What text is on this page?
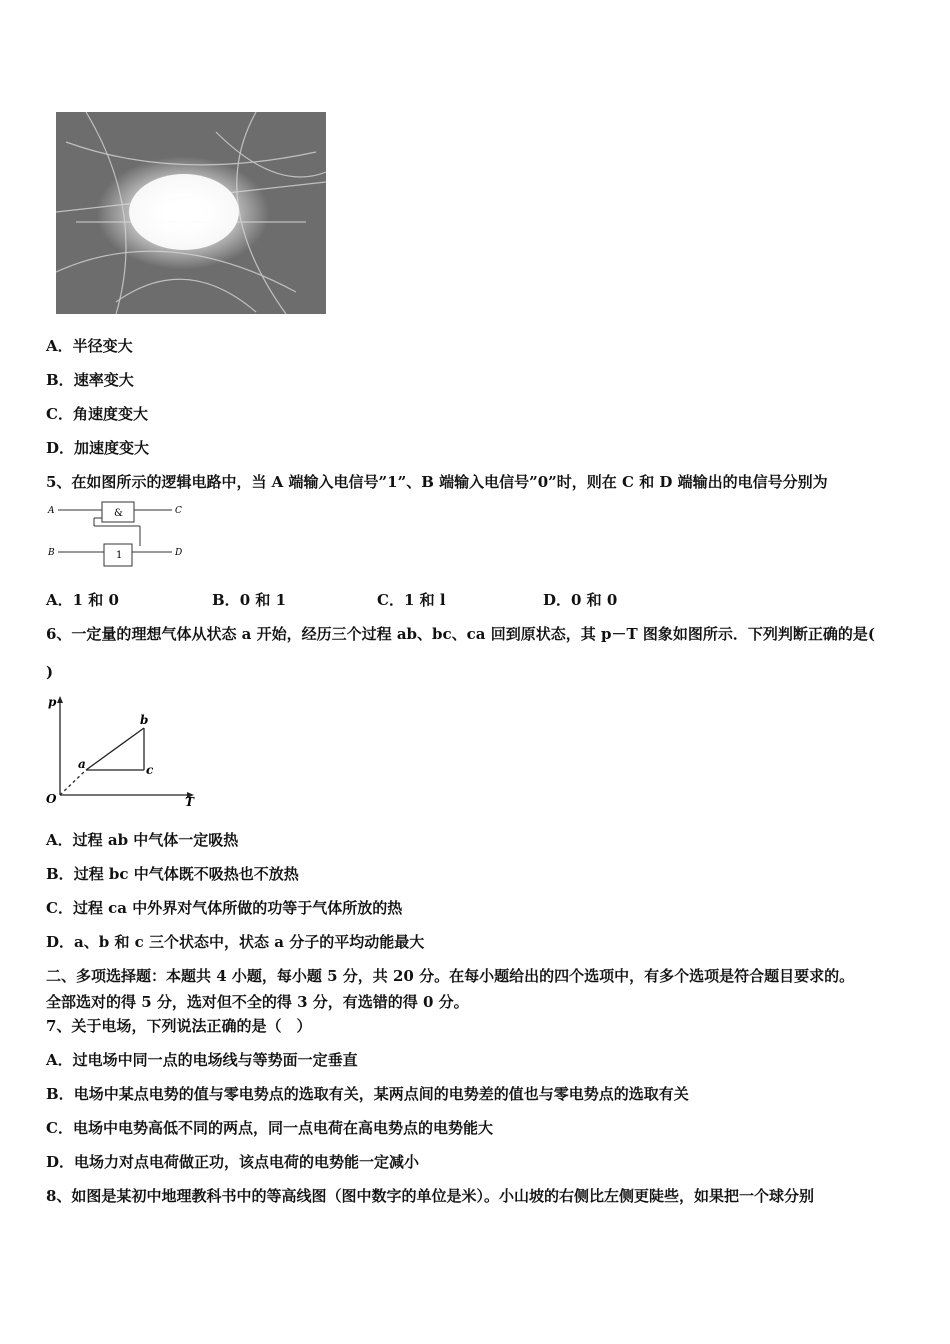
A．半径变大
B．速率变大
C．角速度变大
D．加速度变大
5、在如图所示的逻辑电路中，当 A 端输入电信号”1”、B 端输入电信号”0”时，则在 C 和 D 端输出的电信号分别为
A
B
C
D
&
1
A．1 和 0	B．0 和 1	C．1 和 l	D．0 和 0
6、一定量的理想气体从状态 a 开始，经历三个过程 ab、bc、ca 回到原状态，其 p－T 图象如图所示．下列判断正确的是(
)
p
T
O
a
b
c
A．过程 ab 中气体一定吸热
B．过程 bc 中气体既不吸热也不放热
C．过程 ca 中外界对气体所做的功等于气体所放的热
D．a、b 和 c 三个状态中，状态 a 分子的平均动能最大
二、多项选择题：本题共 4 小题，每小题 5 分，共 20 分。在每小题给出的四个选项中，有多个选项是符合题目要求的。
全部选对的得 5 分，选对但不全的得 3 分，有选错的得 0 分。
7、关于电场，下列说法正确的是（　）
A．过电场中同一点的电场线与等势面一定垂直
B．电场中某点电势的值与零电势点的选取有关，某两点间的电势差的值也与零电势点的选取有关
C．电场中电势高低不同的两点，同一点电荷在高电势点的电势能大
D．电场力对点电荷做正功，该点电荷的电势能一定减小
8、如图是某初中地理教科书中的等高线图（图中数字的单位是米）。小山坡的右侧比左侧更陡些，如果把一个球分别
